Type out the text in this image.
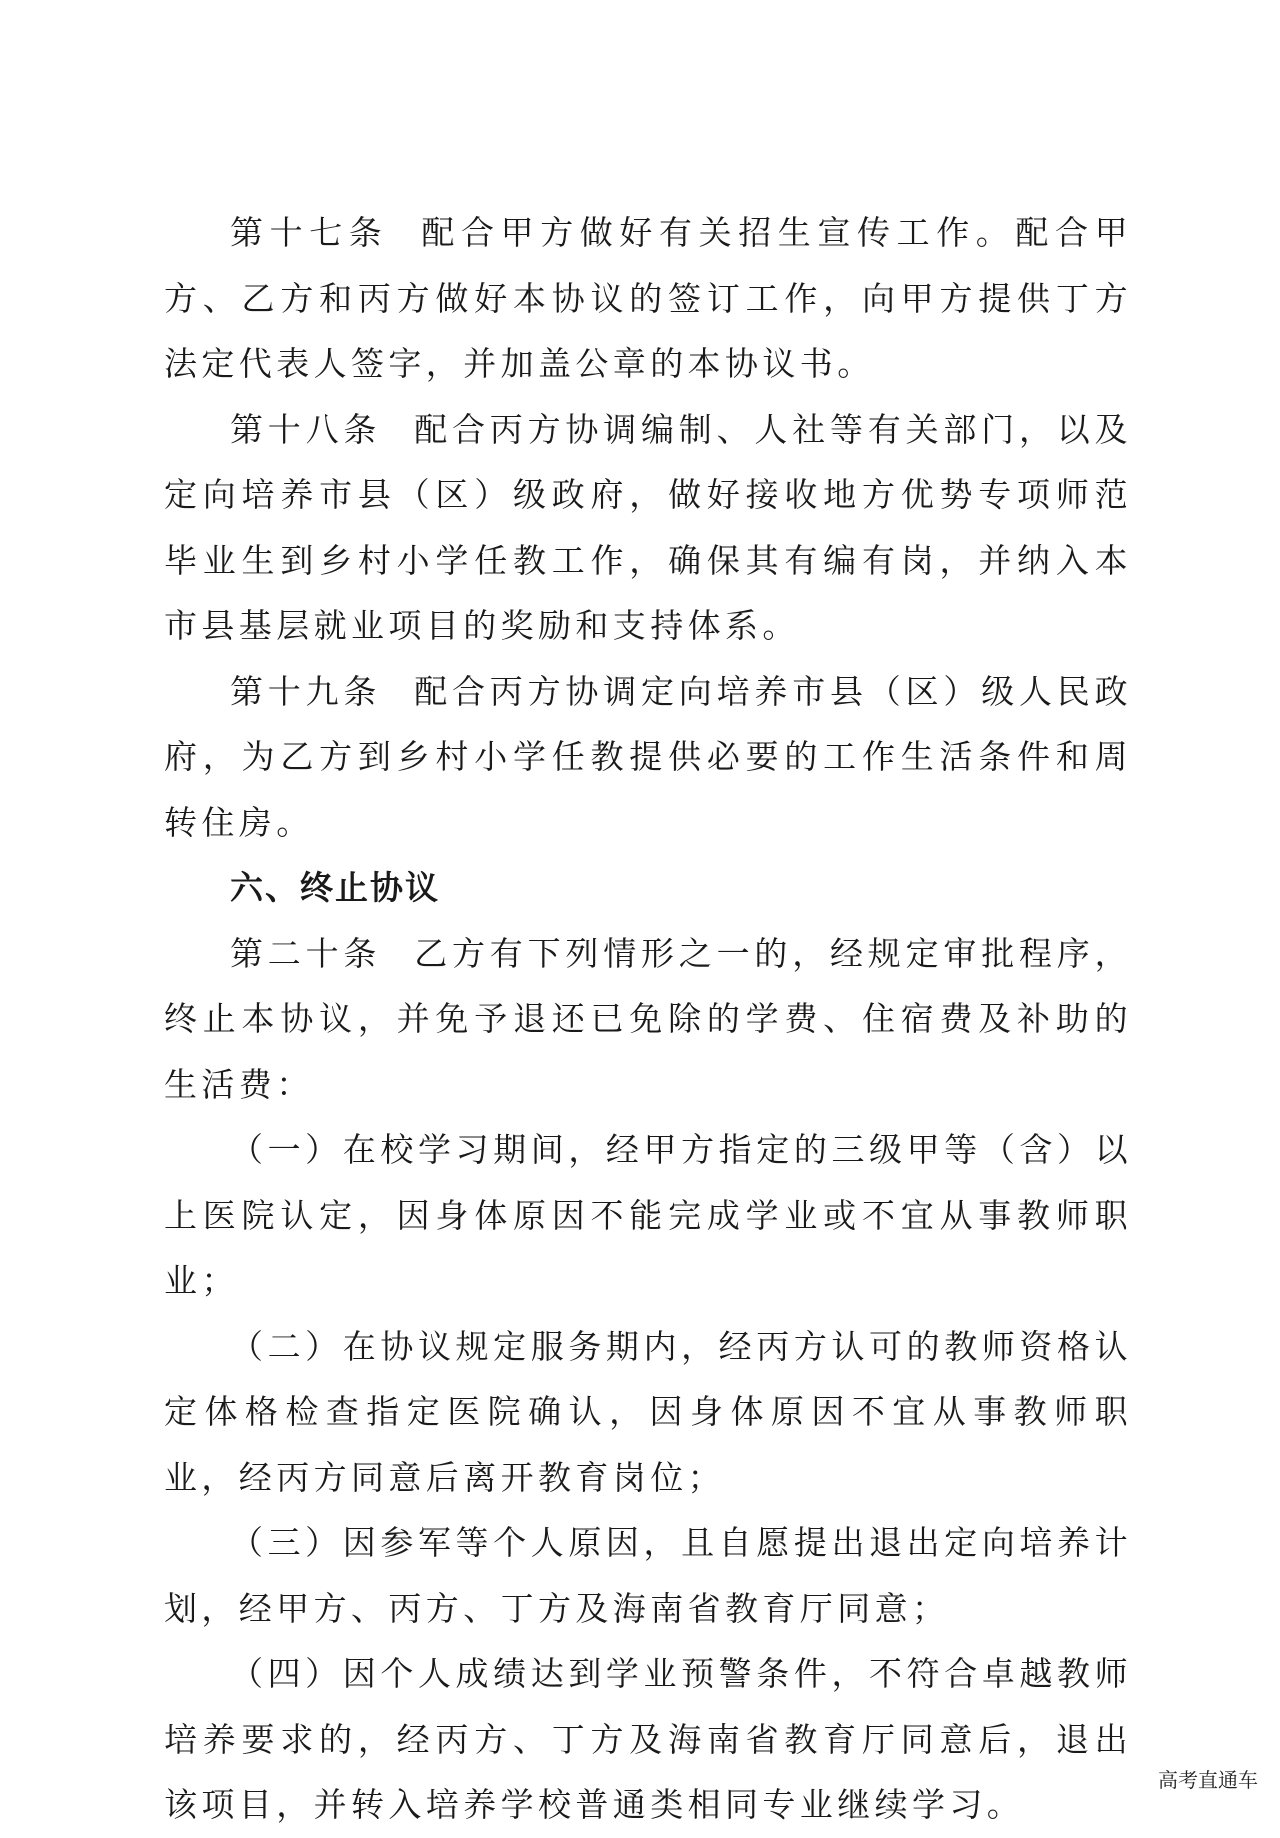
第十七条 配合甲方做好有关招生宣传工作。配合甲方、乙方和丙方做好本协议的签订工作，向甲方提供丁方法定代表人签字，并加盖公章的本协议书。

第十八条 配合丙方协调编制、人社等有关部门，以及定向培养市县（区）级政府，做好接收地方优势专项师范毕业生到乡村小学任教工作，确保其有编有岗，并纳入本市县基层就业项目的奖励和支持体系。

第十九条 配合丙方协调定向培养市县（区）级人民政府，为乙方到乡村小学任教提供必要的工作生活条件和周转住房。

六、终止协议

第二十条 乙方有下列情形之一的，经规定审批程序，终止本协议，并免予退还已免除的学费、住宿费及补助的生活费：

（一）在校学习期间，经甲方指定的三级甲等（含）以上医院认定，因身体原因不能完成学业或不宜从事教师职业；

（二）在协议规定服务期内，经丙方认可的教师资格认定体格检查指定医院确认，因身体原因不宜从事教师职业，经丙方同意后离开教育岗位；

（三）因参军等个人原因，且自愿提出退出定向培养计划，经甲方、丙方、丁方及海南省教育厅同意；

（四）因个人成绩达到学业预警条件，不符合卓越教师培养要求的，经丙方、丁方及海南省教育厅同意后，退出该项目，并转入培养学校普通类相同专业继续学习。

高考直通车
